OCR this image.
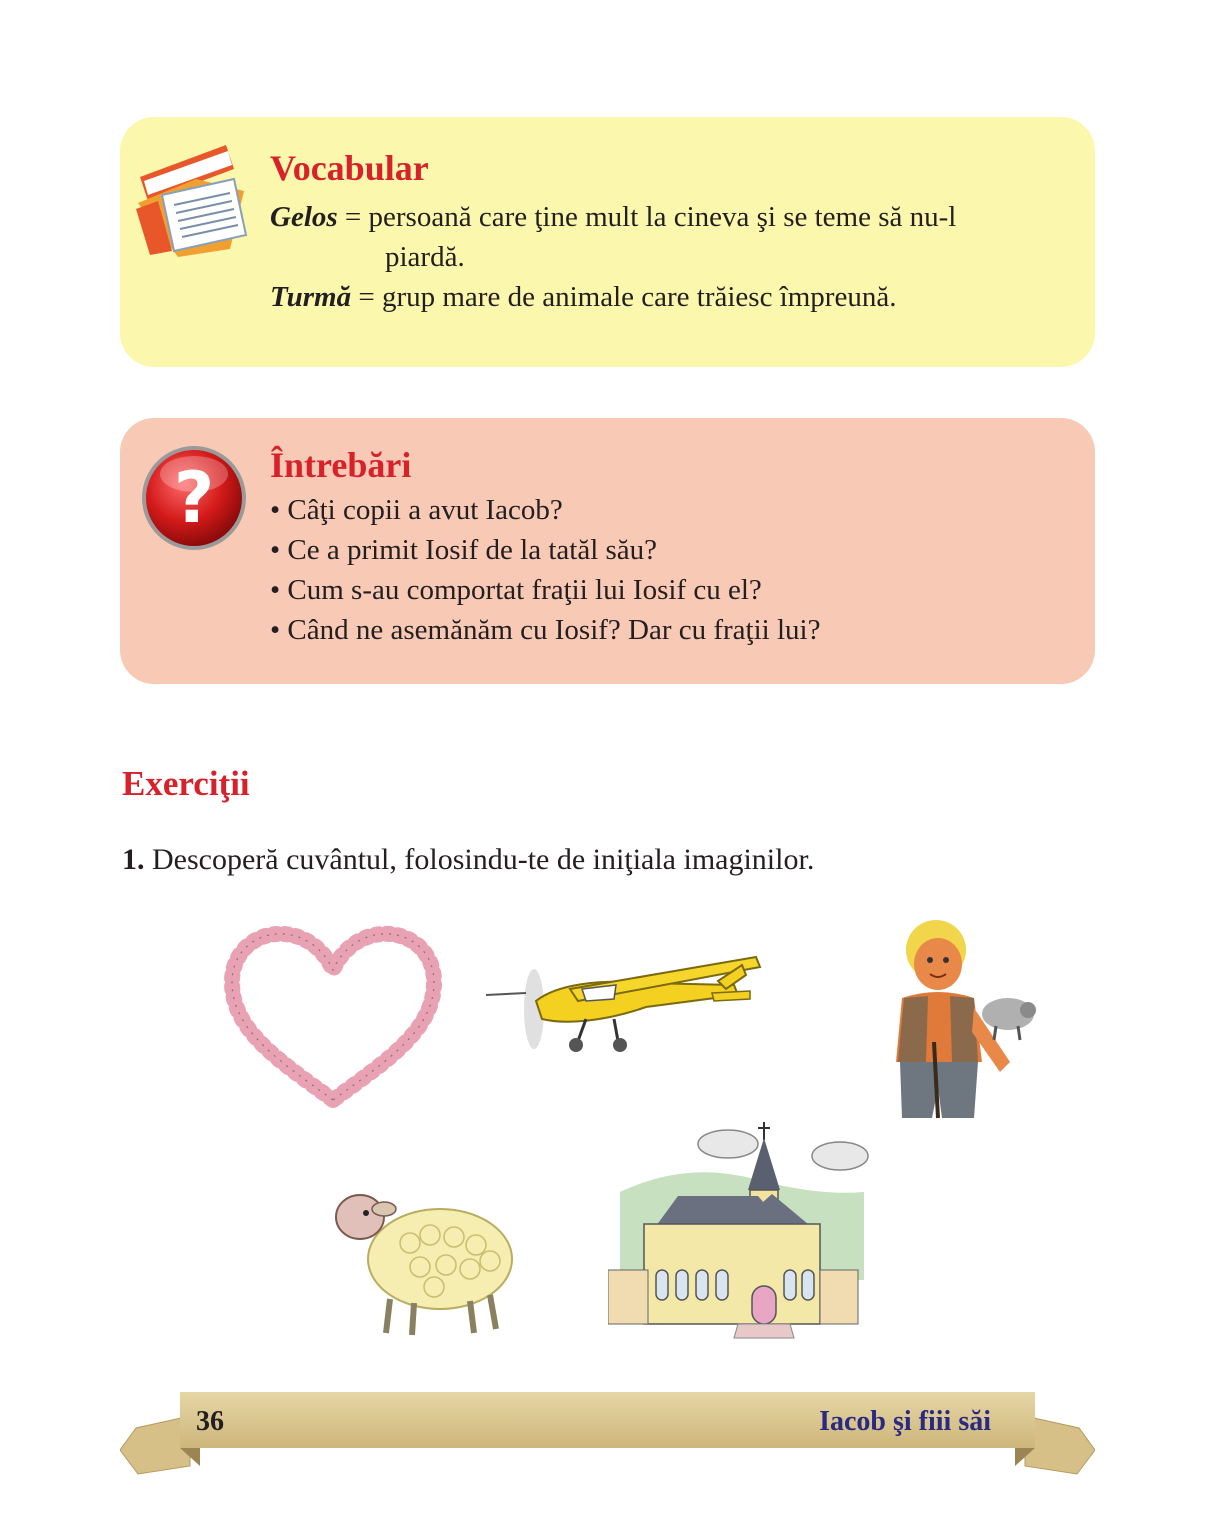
Vocabular
Gelos = persoană care ţine mult la cineva şi se teme să nu-l
piardă.
Turmă = grup mare de animale care trăiesc împreună.
? Întrebări
• Câţi copii a avut Iacob?
• Ce a primit Iosif de la tatăl său?
• Cum s-au comportat fraţii lui Iosif cu el?
• Când ne asemănăm cu Iosif? Dar cu fraţii lui?
Exerciţii
1. Descoperă cuvântul, folosindu-te de iniţiala imaginilor.
36	Iacob şi fiii săi
